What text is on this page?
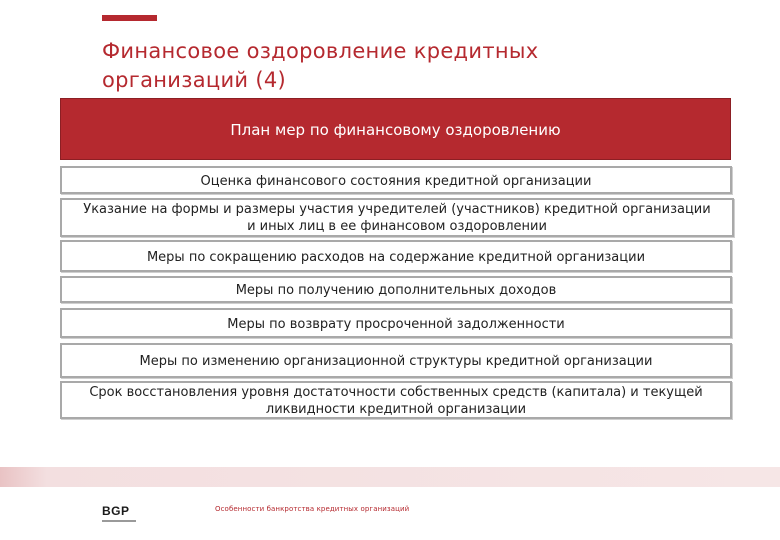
Финансовое оздоровление кредитных
организаций (4)
План мер по финансовому оздоровлению
Оценка финансового состояния кредитной организации
Указание на формы и размеры участия учредителей (участников) кредитной организации
и иных лиц в ее финансовом оздоровлении
Меры по сокращению расходов на содержание кредитной организации
Меры по получению дополнительных доходов
Меры по возврату просроченной задолженности
Меры по изменению организационной структуры кредитной организации
Срок восстановления уровня достаточности собственных средств (капитала) и текущей
ликвидности кредитной организации
BGP	Особенности банкротства кредитных организаций
